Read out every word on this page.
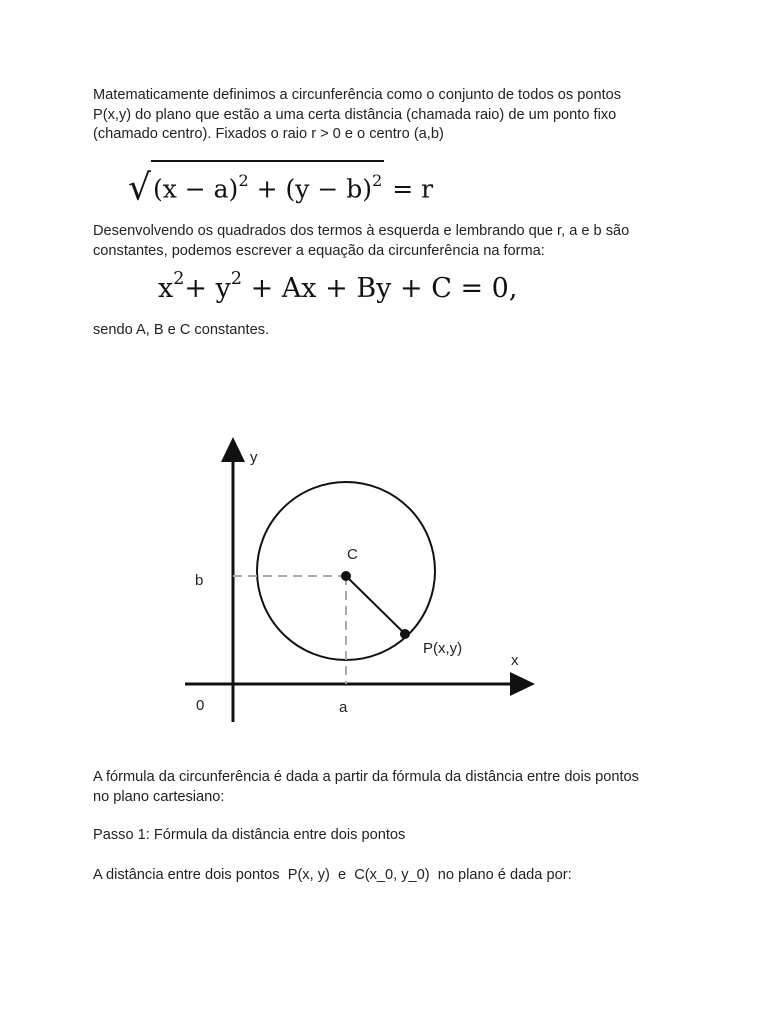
Matematicamente definimos a circunferência como o conjunto de todos os pontos
P(x,y) do plano que estão a uma certa distância (chamada raio) de um ponto fixo
(chamado centro). Fixados o raio r > 0 e o centro (a,b)

$√(x - a)^2 + (y - b)^2 = r$

Desenvolvendo os quadrados dos termos à esquerda e lembrando que r, a e b são
constantes, podemos escrever a equação da circunferência na forma:

$x^2+ y^2 + Ax + By + C = 0$,

sendo A, B e C constantes.

y
x
0
C
P(x,y)
b
a

A fórmula da circunferência é dada a partir da fórmula da distância entre dois pontos
no plano cartesiano:

Passo 1: Fórmula da distância entre dois pontos

A distância entre dois pontos  P(x, y)  e  C(x_0, y_0)  no plano é dada por:
